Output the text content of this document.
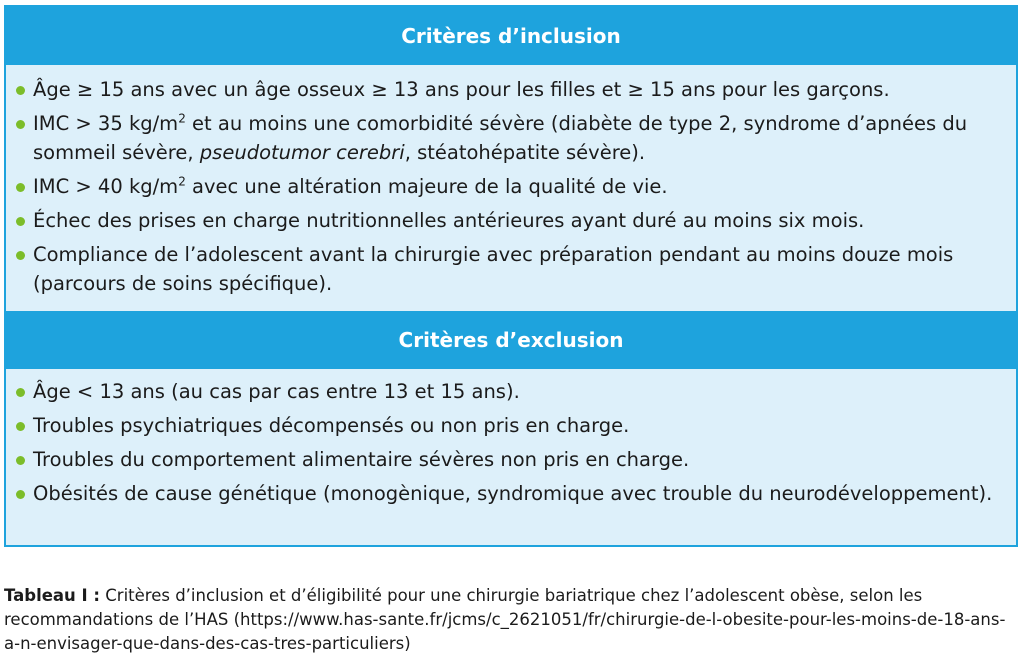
Critères d’inclusion
Âge ≥ 15 ans avec un âge osseux ≥ 13 ans pour les filles et ≥ 15 ans pour les garçons.
IMC > 35 $kg/m^2$ et au moins une comorbidité sévère (diabète de type 2, syndrome d’apnées du sommeil sévère, pseudotumor cerebri, stéatohépatite sévère).
IMC > 40 $kg/m^2$ avec une altération majeure de la qualité de vie.
Échec des prises en charge nutritionnelles antérieures ayant duré au moins six mois.
Compliance de l’adolescent avant la chirurgie avec préparation pendant au moins douze mois (parcours de soins spécifique).
Critères d’exclusion
Âge < 13 ans (au cas par cas entre 13 et 15 ans).
Troubles psychiatriques décompensés ou non pris en charge.
Troubles du comportement alimentaire sévères non pris en charge.
Obésités de cause génétique (monogènique, syndromique avec trouble du neurodéveloppement).
Tableau I : Critères d’inclusion et d’éligibilité pour une chirurgie bariatrique chez l’adolescent obèse, selon les recommandations de l’HAS (https://www.has-sante.fr/jcms/c_2621051/fr/chirurgie-de-l-obesite-pour-les-moins-de-18-ans-a-n-envisager-que-dans-des-cas-tres-particuliers)
